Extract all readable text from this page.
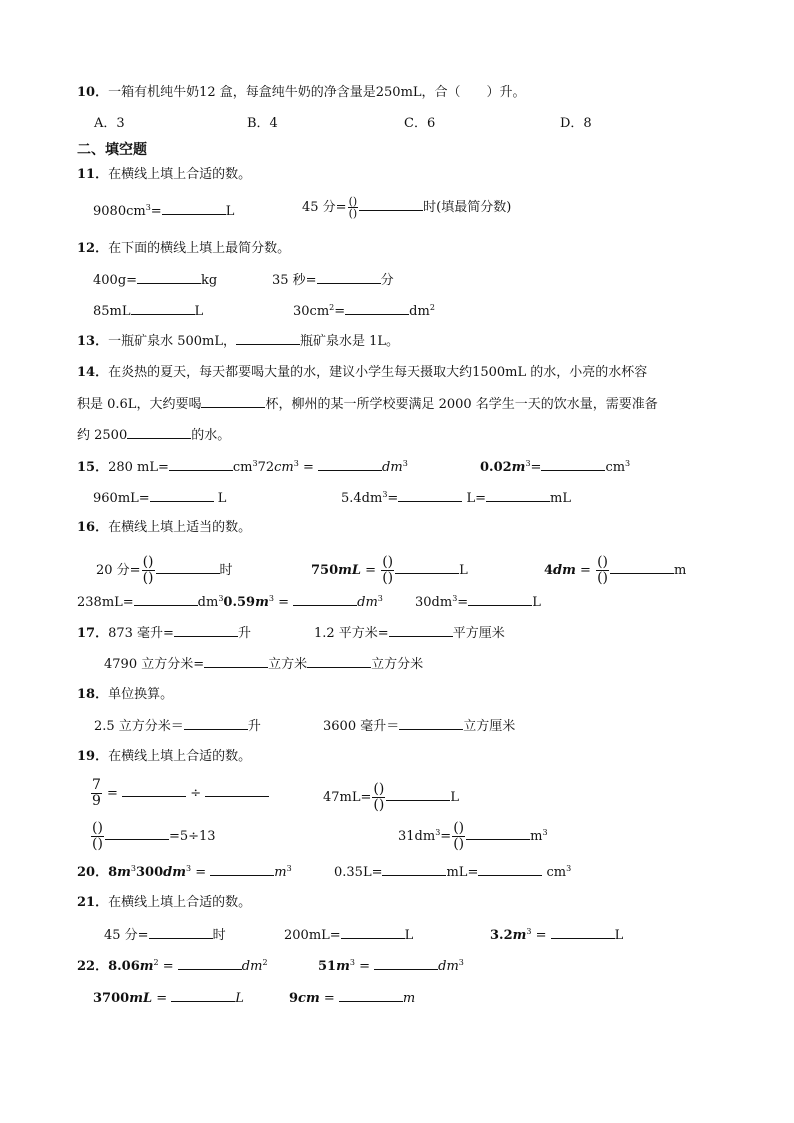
10．一箱有机纯牛奶12 盒，每盒纯牛奶的净含量是250mL，合（　　）升。
A．3	B．4	C．6	D．8
二、填空题
11．在横线上填上合适的数。
$9080cm^3=$	L	45 分= $\frac{()}{()}$	时(填最简分数)
12．在下面的横线上填上最简分数。
400g=	kg	35 秒=	分
85mL	L	$30cm^2=$	$dm^2$
13．一瓶矿泉水 500mL，	瓶矿泉水是 1L。
14．在炎热的夏天，每天都要喝大量的水，建议小学生每天摄取大约1500mL 的水，小亮的水杯容
积是 0.6L，大约要喝	杯，柳州的某一所学校要满足 2000 名学生一天的饮水量，需要准备
约 2500	的水。
15．280 mL=	$cm^372cm^3$ =	$dm^3$	$0.02m^3=$	$cm^3$
960mL=	L	$5.4dm^3=$	L=	mL
16．在横线上填上适当的数。
20 分= $\frac{()}{()}$	时	$750mL = \frac{()}{()}$	L	$4dm = \frac{()}{()}$	m
238mL=	$dm^30.59m^3$ =	$dm^3$ $30dm^3=$	L
17．873 毫升=	升	1.2 平方米=	平方厘米
4790 立方分米=	立方米	立方分米
18．单位换算。
2.5 立方分米＝	升	3600 毫升＝	立方厘米
19．在横线上填上合适的数。
$\frac{7}{9}$ =	÷	$47mL= \frac{()}{()}$	L
$\frac{()}{()}$	=5÷13	$31dm^3= \frac{()}{()}$	$m^3$
20．$8m^3300dm^3$ =	$m^3$	0.35L=	mL=	$cm^3$
21．在横线上填上合适的数。
45 分=	时	200mL=	L	$3.2m^3$ =	L
22．$8.06m^2$ =	$dm^2$	$51m^3$ =	$dm^3$
3700mL =	L	9cm =	m
